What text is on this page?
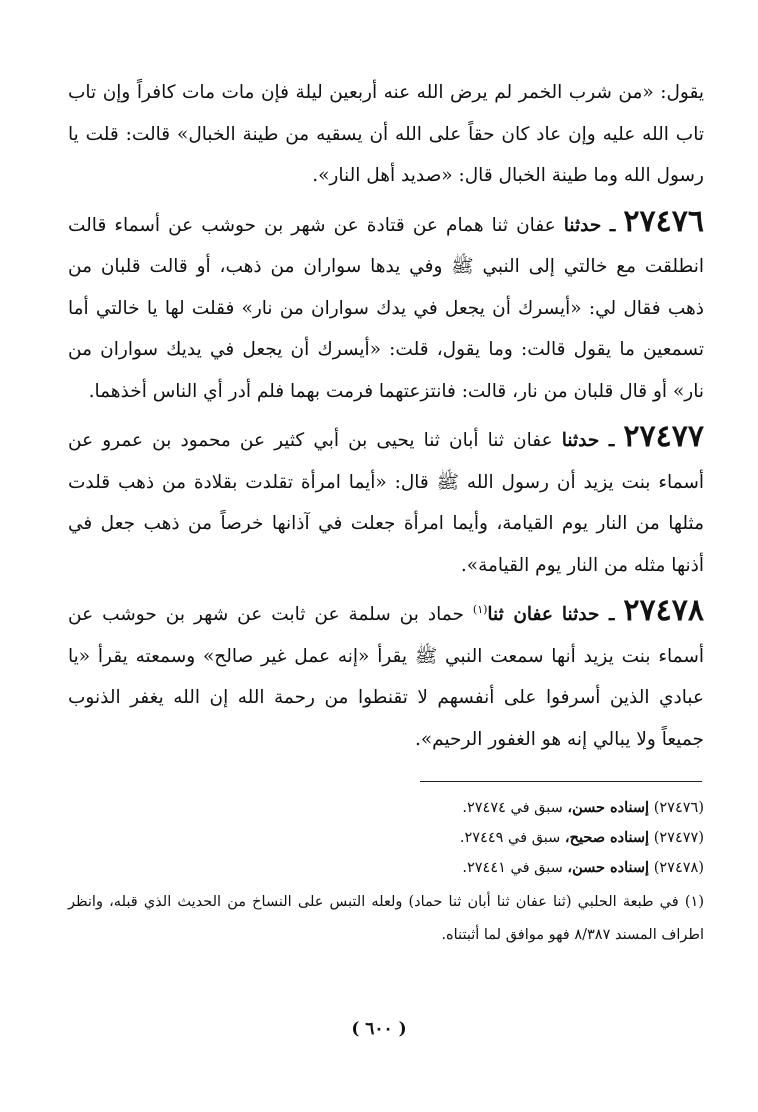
يقول: «من شرب الخمر لم يرض الله عنه أربعين ليلة فإن مات مات كافراً وإن تاب تاب الله عليه وإن عاد كان حقاً على الله أن يسقيه من طينة الخبال» قالت: قلت يا رسول الله وما طينة الخبال قال: «صديد أهل النار».

٢٧٤٧٦ ـ حدثنا عفان ثنا همام عن قتادة عن شهر بن حوشب عن أسماء قالت انطلقت مع خالتي إلى النبي ﷺ وفي يدها سواران من ذهب، أو قالت قلبان من ذهب فقال لي: «أيسرك أن يجعل في يدك سواران من نار» فقلت لها يا خالتي أما تسمعين ما يقول قالت: وما يقول، قلت: «أيسرك أن يجعل في يديك سواران من نار» أو قال قلبان من نار، قالت: فانتزعتهما فرمت بهما فلم أدر أي الناس أخذهما.

٢٧٤٧٧ ـ حدثنا عفان ثنا أبان ثنا يحيى بن أبي كثير عن محمود بن عمرو عن أسماء بنت يزيد أن رسول الله ﷺ قال: «أيما امرأة تقلدت بقلادة من ذهب قلدت مثلها من النار يوم القيامة، وأيما امرأة جعلت في آذانها خرصاً من ذهب جعل في أذنها مثله من النار يوم القيامة».

٢٧٤٧٨ ـ حدثنا عفان ثنا$^{(١)}$ حماد بن سلمة عن ثابت عن شهر بن حوشب عن أسماء بنت يزيد أنها سمعت النبي ﷺ يقرأ «إنه عمل غير صالح» وسمعته يقرأ «يا عبادي الذين أسرفوا على أنفسهم لا تقنطوا من رحمة الله إن الله يغفر الذنوب جميعاً ولا يبالي إنه هو الغفور الرحيم».

(٢٧٤٧٦) إسناده حسن، سبق في ٢٧٤٧٤.

(٢٧٤٧٧) إسناده صحيح، سبق في ٢٧٤٤٩.

(٢٧٤٧٨) إسناده حسن، سبق في ٢٧٤٤١.

(١) في طبعة الحلبي (ثنا عفان ثنا أبان ثنا حماد) ولعله التبس على النساخ من الحديث الذي قبله، وانظر اطراف المسند ٨/٣٨٧ فهو موافق لما أثبتناه.

( ٦٠٠ )
